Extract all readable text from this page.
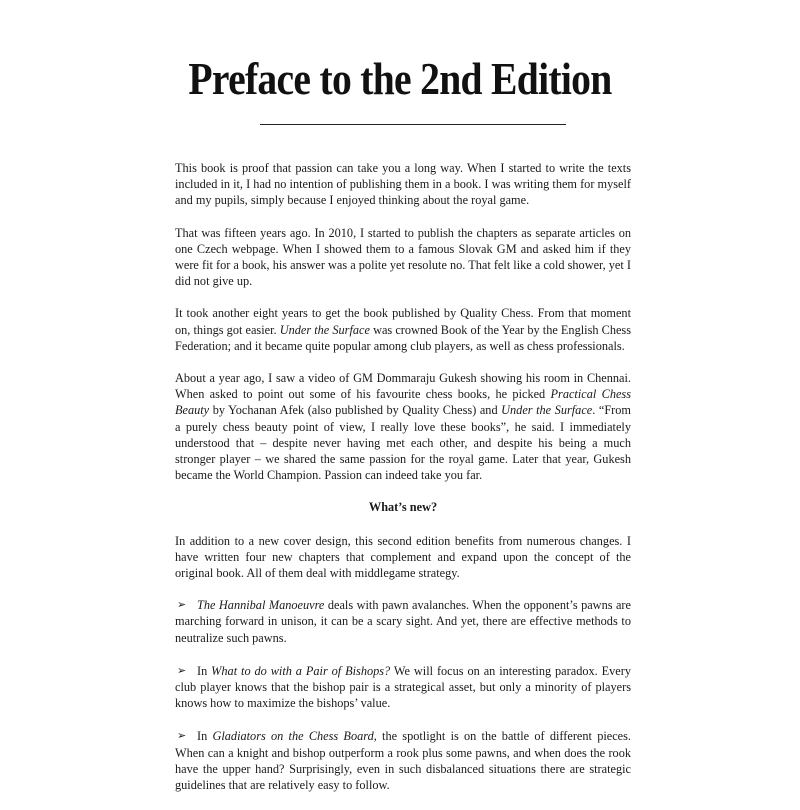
Preface to the 2nd Edition

This book is proof that passion can take you a long way. When I started to write the texts included in it, I had no intention of publishing them in a book. I was writing them for myself and my pupils, simply because I enjoyed thinking about the royal game.

That was fifteen years ago. In 2010, I started to publish the chapters as separate articles on one Czech webpage. When I showed them to a famous Slovak GM and asked him if they were fit for a book, his answer was a polite yet resolute no. That felt like a cold shower, yet I did not give up.

It took another eight years to get the book published by Quality Chess. From that moment on, things got easier. Under the Surface was crowned Book of the Year by the English Chess Federation; and it became quite popular among club players, as well as chess professionals.

About a year ago, I saw a video of GM Dommaraju Gukesh showing his room in Chennai. When asked to point out some of his favourite chess books, he picked Practical Chess Beauty by Yochanan Afek (also published by Quality Chess) and Under the Surface. “From a purely chess beauty point of view, I really love these books”, he said. I immediately understood that – despite never having met each other, and despite his being a much stronger player – we shared the same passion for the royal game. Later that year, Gukesh became the World Champion. Passion can indeed take you far.

What’s new?

In addition to a new cover design, this second edition benefits from numerous changes. I have written four new chapters that complement and expand upon the concept of the original book. All of them deal with middlegame strategy.

➢ The Hannibal Manoeuvre deals with pawn avalanches. When the opponent’s pawns are marching forward in unison, it can be a scary sight. And yet, there are effective methods to neutralize such pawns.
➢ In What to do with a Pair of Bishops? We will focus on an interesting paradox. Every club player knows that the bishop pair is a strategical asset, but only a minority of players knows how to maximize the bishops’ value.
➢ In Gladiators on the Chess Board, the spotlight is on the battle of different pieces. When can a knight and bishop outperform a rook plus some pawns, and when does the rook have the upper hand? Surprisingly, even in such disbalanced situations there are strategic guidelines that are relatively easy to follow.
